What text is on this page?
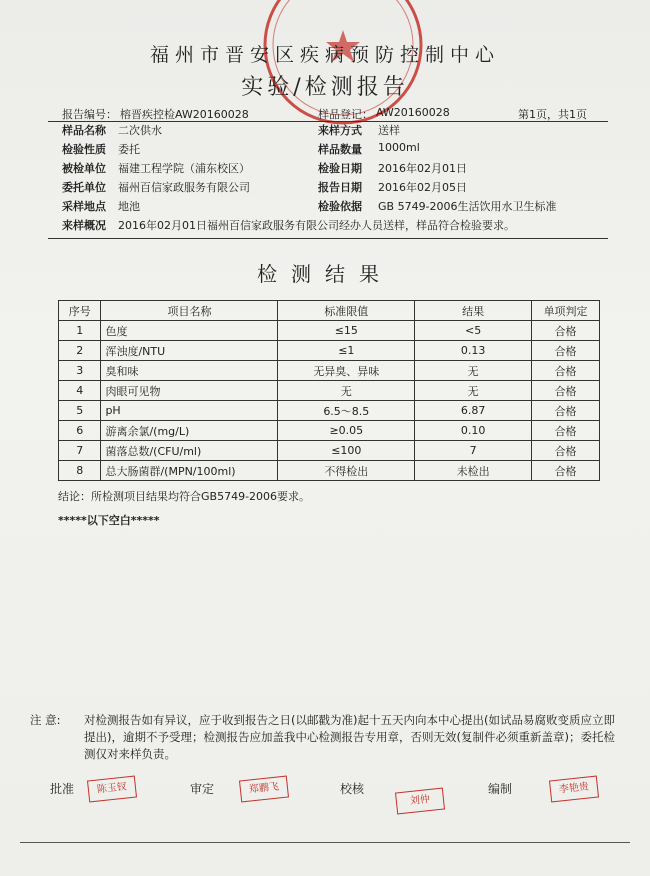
福州市晋安区疾病预防控制中心
实验/检测报告
报告编号： 榕晋疾控检AW20160028	样品登记： AW20160028	第1页，共1页
样品名称 二次供水	来样方式 送样
检验性质 委托	样品数量 1000ml
被检单位 福建工程学院（浦东校区）	检验日期 2016年02月01日
委托单位 福州百信家政服务有限公司	报告日期 2016年02月05日
采样地点 地池	检验依据 GB 5749-2006生活饮用水卫生标准
来样概况 2016年02月01日福州百信家政服务有限公司经办人员送样，样品符合检验要求。
检测结果
序号	项目名称	标准限值	结果	单项判定
1	色度	≤15	<5	合格
2	浑浊度/NTU	≤1	0.13	合格
3	臭和味	无异臭、异味	无	合格
4	肉眼可见物	无	无	合格
5	pH	6.5～8.5	6.87	合格
6	游离余氯/(mg/L)	≥0.05	0.10	合格
7	菌落总数/(CFU/ml)	≤100	7	合格
8	总大肠菌群/(MPN/100ml)	不得检出	未检出	合格
结论：所检测项目结果均符合GB5749-2006要求。
*****以下空白*****
注 意: 对检测报告如有异议，应于收到报告之日(以邮戳为准)起十五天内向本中心提出(如试品易腐败变质应立即提出)，逾期不予受理；检测报告应加盖我中心检测报告专用章，否则无效(复制件必须重新盖章)；委托检测仅对来样负责。
批准	陈玉钗	审定	郑鹏飞	校核
刘仲
编制	李艳贵
